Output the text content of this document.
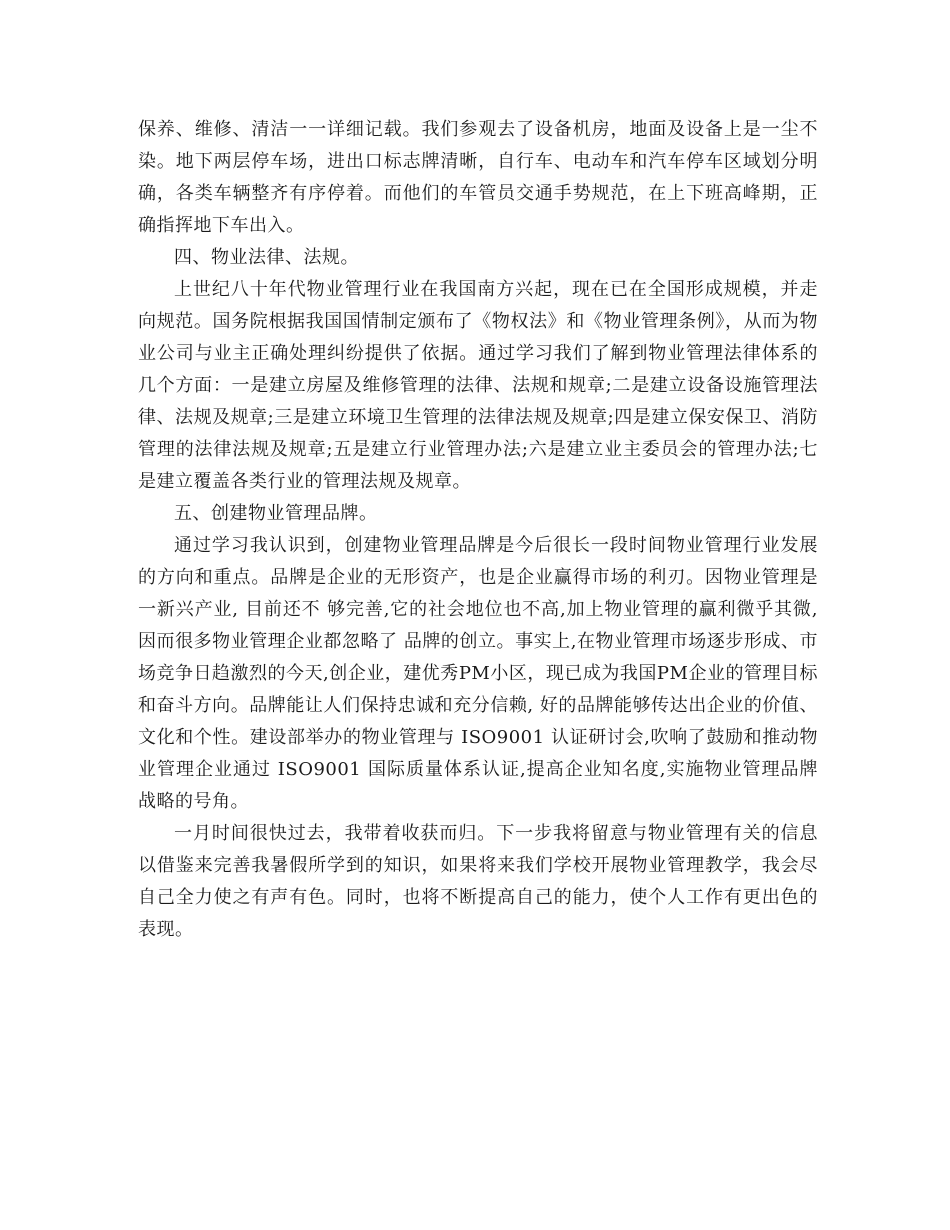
保养、维修、清洁一一详细记载。我们参观去了设备机房，地面及设备上是一尘不染。地下两层停车场，进出口标志牌清晰，自行车、电动车和汽车停车区域划分明确，各类车辆整齐有序停着。而他们的车管员交通手势规范，在上下班高峰期，正确指挥地下车出入。

四、物业法律、法规。

上世纪八十年代物业管理行业在我国南方兴起，现在已在全国形成规模，并走向规范。国务院根据我国国情制定颁布了《物权法》和《物业管理条例》，从而为物业公司与业主正确处理纠纷提供了依据。通过学习我们了解到物业管理法律体系的几个方面：一是建立房屋及维修管理的法律、法规和规章;二是建立设备设施管理法律、法规及规章;三是建立环境卫生管理的法律法规及规章;四是建立保安保卫、消防管理的法律法规及规章;五是建立行业管理办法;六是建立业主委员会的管理办法;七是建立覆盖各类行业的管理法规及规章。

五、创建物业管理品牌。

通过学习我认识到，创建物业管理品牌是今后很长一段时间物业管理行业发展的方向和重点。品牌是企业的无形资产，也是企业赢得市场的利刃。因物业管理是一新兴产业, 目前还不 够完善,它的社会地位也不高,加上物业管理的赢利微乎其微,因而很多物业管理企业都忽略了 品牌的创立。事实上,在物业管理市场逐步形成、市场竞争日趋激烈的今天,创企业，建优秀PM小区，现已成为我国PM企业的管理目标和奋斗方向。品牌能让人们保持忠诚和充分信赖, 好的品牌能够传达出企业的价值、文化和个性。建设部举办的物业管理与 ISO9001 认证研讨会,吹响了鼓励和推动物业管理企业通过 ISO9001 国际质量体系认证,提高企业知名度,实施物业管理品牌战略的号角。

一月时间很快过去，我带着收获而归。下一步我将留意与物业管理有关的信息以借鉴来完善我暑假所学到的知识，如果将来我们学校开展物业管理教学，我会尽自己全力使之有声有色。同时，也将不断提高自己的能力，使个人工作有更出色的表现。
